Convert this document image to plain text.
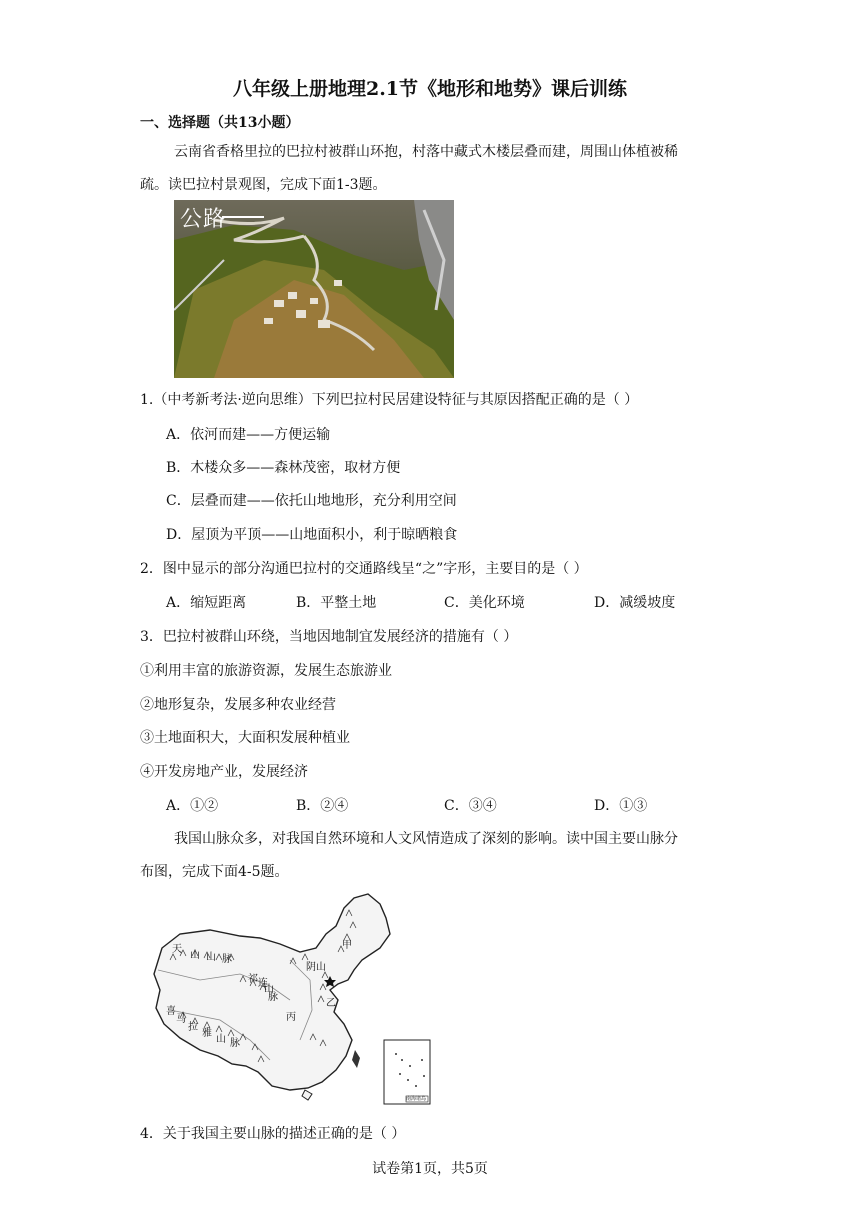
八年级上册地理2.1节《地形和地势》课后训练
一、选择题（共13小题）
云南省香格里拉的巴拉村被群山环抱，村落中藏式木楼层叠而建，周围山体植被稀
疏。读巴拉村景观图，完成下面1-3题。
公路
1.（中考新考法·逆向思维）下列巴拉村民居建设特征与其原因搭配正确的是（ ）
A．依河而建——方便运输
B．木楼众多——森林茂密，取材方便
C．层叠而建——依托山地地形，充分利用空间
D．屋顶为平顶——山地面积小，利于晾晒粮食
2．图中显示的部分沟通巴拉村的交通路线呈“之”字形，主要目的是（ ）
A．缩短距离	B．平整土地	C．美化环境	D．减缓坡度
3．巴拉村被群山环绕，当地因地制宜发展经济的措施有（ ）
①利用丰富的旅游资源，发展生态旅游业
②地形复杂，发展多种农业经营
③土地面积大，大面积发展种植业
④开发房地产业，发展经济
A．①②	B．②④	C．③④	D．①③
我国山脉众多，对我国自然环境和人文风情造成了深刻的影响。读中国主要山脉分
布图，完成下面4-5题。
天
山 山 脉
祁 连
山
脉
阴山
甲
乙
丙
喜
马
拉
雅
山 脉
南海诸岛
4．关于我国主要山脉的描述正确的是（ ）
试卷第1页，共5页
